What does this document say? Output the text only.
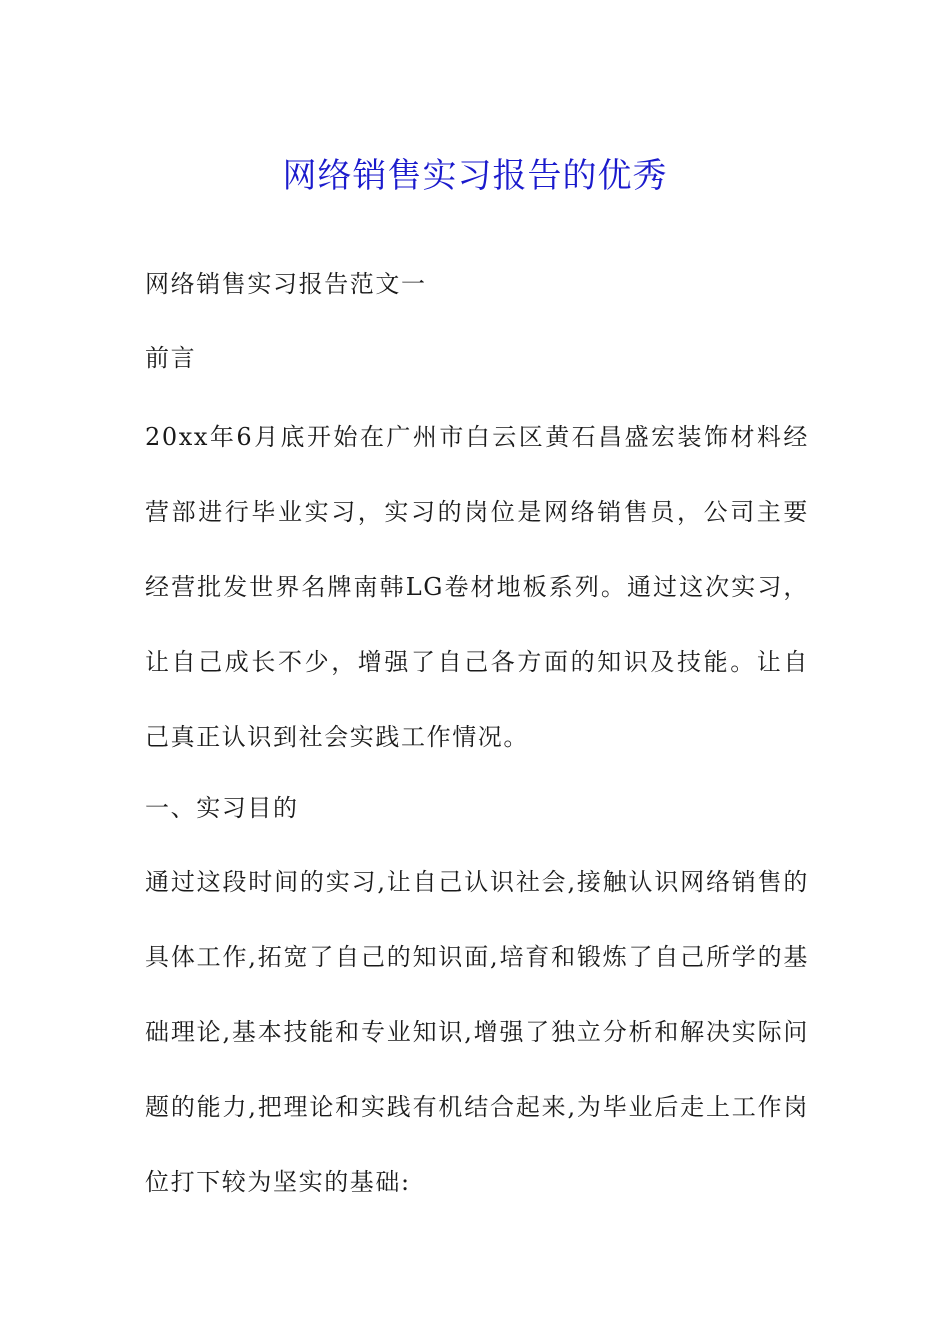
网络销售实习报告的优秀
网络销售实习报告范文一
前言
20xx年6月底开始在广州市白云区黄石昌盛宏装饰材料经营部进行毕业实习，实习的岗位是网络销售员，公司主要经营批发世界名牌南韩LG卷材地板系列。通过这次实习，让自己成长不少，增强了自己各方面的知识及技能。让自己真正认识到社会实践工作情况。
一、实习目的
通过这段时间的实习,让自己认识社会,接触认识网络销售的具体工作,拓宽了自己的知识面,培育和锻炼了自己所学的基础理论,基本技能和专业知识,增强了独立分析和解决实际问题的能力,把理论和实践有机结合起来,为毕业后走上工作岗位打下较为坚实的基础:
